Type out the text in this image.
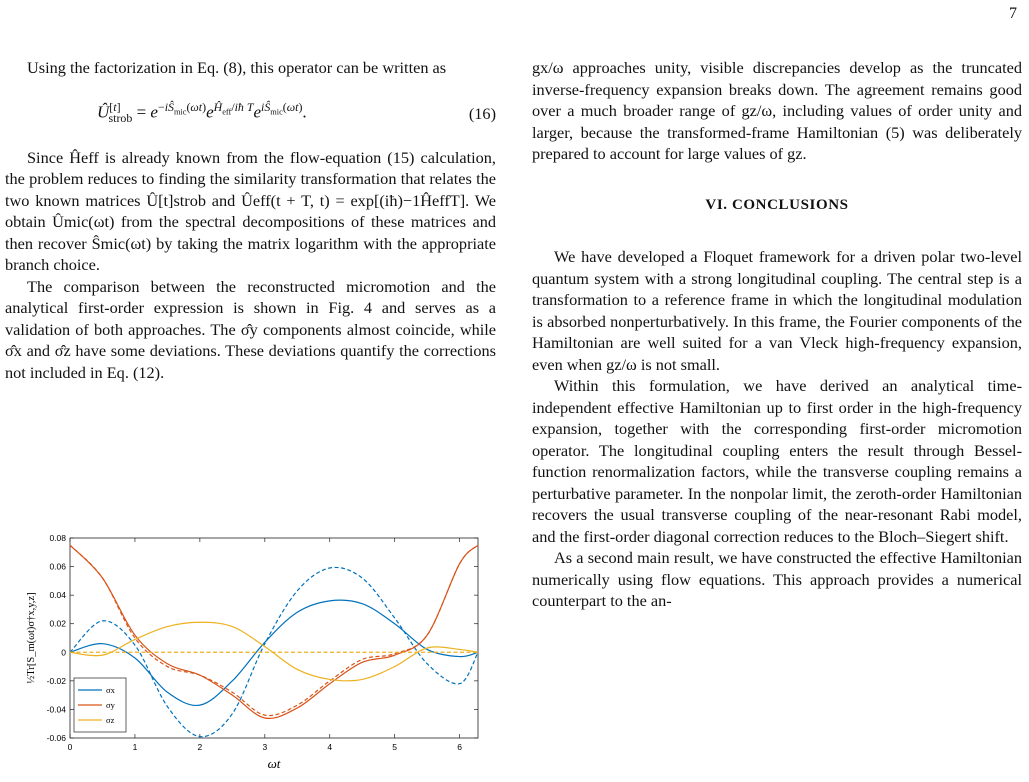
7

Using the factorization in Eq. (8), this operator can be written as

$Û[t]_{strob} = e^{-iŜ_{mic}(\omega t)}e^{Ĥ_{eff}/iħ T}e^{iŜ_{mic}(\omega t)}$.	(16)

Since Ĥeff is already known from the flow-equation (15) calculation, the problem reduces to finding the similarity transformation that relates the two known matrices Û[t]strob and Ûeff(t + T, t) = exp[(iħ)−1ĤeffT]. We obtain Ûmic(ωt) from the spectral decompositions of these matrices and then recover Ŝmic(ωt) by taking the matrix logarithm with the appropriate branch choice.

The comparison between the reconstructed micromotion and the analytical first-order expression is shown in Fig. 4 and serves as a validation of both approaches. The σ̂y components almost coincide, while σ̂x and σ̂z have some deviations. These deviations quantify the corrections not included in Eq. (12).

0.08
0.06
0.04
0.02
0
-0.02
-0.04
-0.06
0	1	2	3	4	5	6
ωt
½Tr[S_m(ωt)σ†x,y,z]
σx
σy
σz

gx/ω approaches unity, visible discrepancies develop as the truncated inverse-frequency expansion breaks down. The agreement remains good over a much broader range of gz/ω, including values of order unity and larger, because the transformed-frame Hamiltonian (5) was deliberately prepared to account for large values of gz.

VI. CONCLUSIONS

We have developed a Floquet framework for a driven polar two-level quantum system with a strong longitudinal coupling. The central step is a transformation to a reference frame in which the longitudinal modulation is absorbed nonperturbatively. In this frame, the Fourier components of the Hamiltonian are well suited for a van Vleck high-frequency expansion, even when gz/ω is not small.

Within this formulation, we have derived an analytical time-independent effective Hamiltonian up to first order in the high-frequency expansion, together with the corresponding first-order micromotion operator. The longitudinal coupling enters the result through Bessel-function renormalization factors, while the transverse coupling remains a perturbative parameter. In the nonpolar limit, the zeroth-order Hamiltonian recovers the usual transverse coupling of the near-resonant Rabi model, and the first-order diagonal correction reduces to the Bloch–Siegert shift.

As a second main result, we have constructed the effective Hamiltonian numerically using flow equations. This approach provides a numerical counterpart to the an-
